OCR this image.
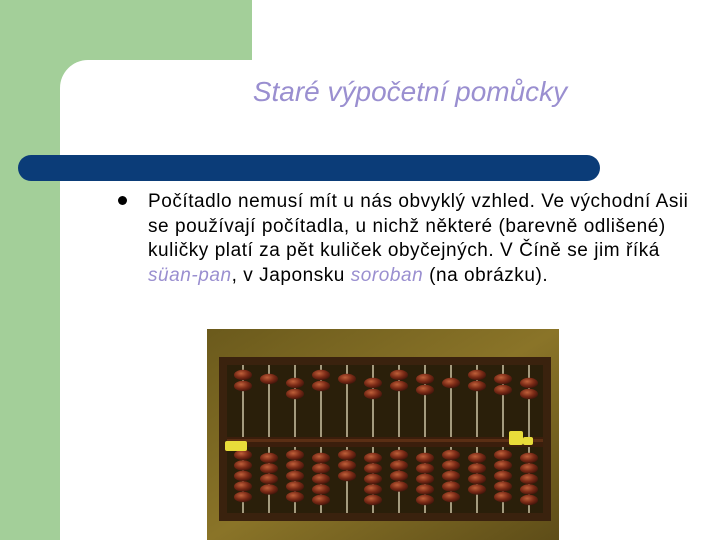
Staré výpočetní pomůcky
Počítadlo nemusí mít u nás obvyklý vzhled. Ve východní Asii se používají počítadla, u nichž některé (barevně odlišené) kuličky platí za pět kuliček obyčejných. V Číně se jim říká süan-pan, v Japonsku soroban (na obrázku).
